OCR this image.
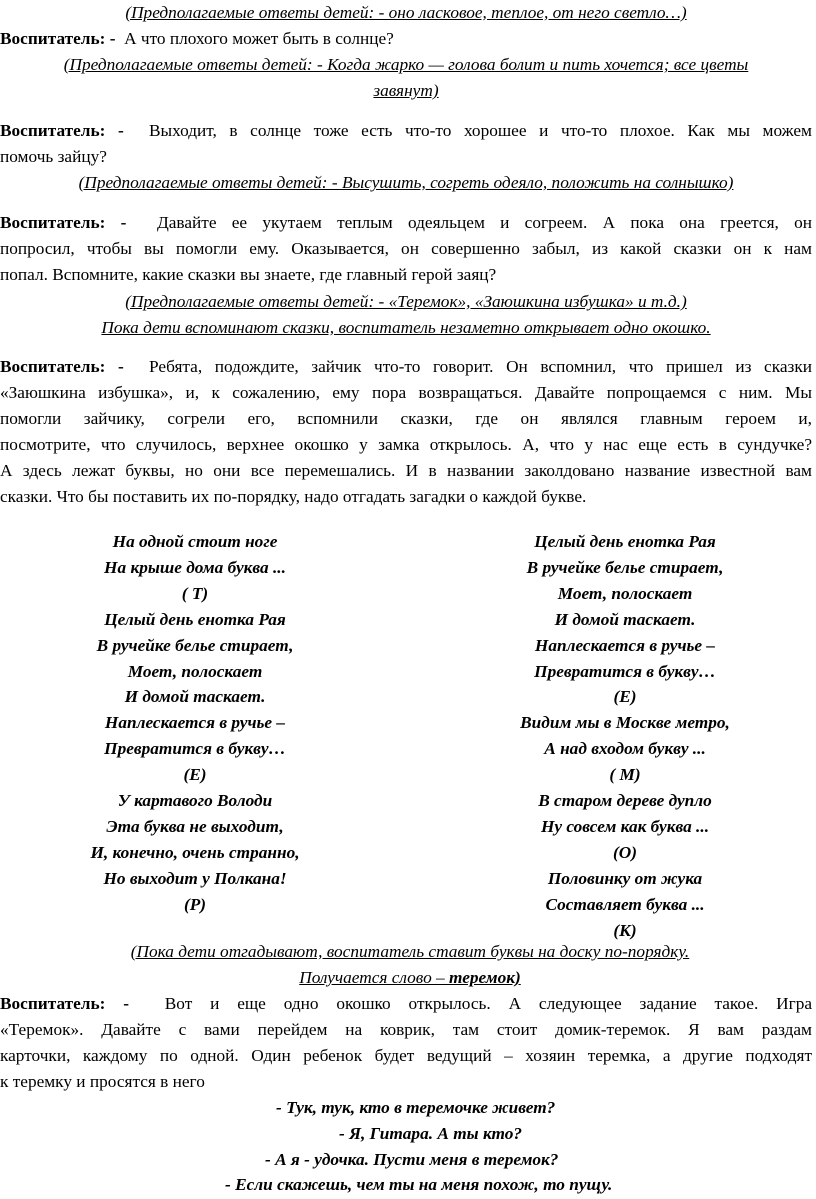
(Предполагаемые ответы детей: - оно ласковое, теплое, от него светло…)
Воспитатель: - А что плохого может быть в солнце?
(Предполагаемые ответы детей: - Когда жарко — голова болит и пить хочется; все цветы
завянут)
Воспитатель: - Выходит, в солнце тоже есть что-то хорошее и что-то плохое. Как мы можем
помочь зайцу?
(Предполагаемые ответы детей: - Высушить, согреть одеяло, положить на солнышко)
Воспитатель: - Давайте ее укутаем теплым одеяльцем и согреем. А пока она греется, он
попросил, чтобы вы помогли ему. Оказывается, он совершенно забыл, из какой сказки он к нам
попал. Вспомните, какие сказки вы знаете, где главный герой заяц?
(Предполагаемые ответы детей: - «Теремок», «Заюшкина избушка» и т.д.)
Пока дети вспоминают сказки, воспитатель незаметно открывает одно окошко.
Воспитатель: - Ребята, подождите, зайчик что-то говорит. Он вспомнил, что пришел из сказки
«Заюшкина избушка», и, к сожалению, ему пора возвращаться. Давайте попрощаемся с ним. Мы
помогли зайчику, согрели его, вспомнили сказки, где он являлся главным героем и,
посмотрите, что случилось, верхнее окошко у замка открылось. А, что у нас еще есть в сундучке?
А здесь лежат буквы, но они все перемешались. И в названии заколдовано название известной вам
сказки. Что бы поставить их по-порядку, надо отгадать загадки о каждой букве.
На одной стоит ноге
На крыше дома буква ...
( Т)
Целый день енотка Рая
В ручейке белье стирает,
Моет, полоскает
И домой таскает.
Наплескается в ручье –
Превратится в букву…
(Е)
У картавого Володи
Эта буква не выходит,
И, конечно, очень странно,
Но выходит у Полкана!
(Р)
Целый день енотка Рая
В ручейке белье стирает,
Моет, полоскает
И домой таскает.
Наплескается в ручье –
Превратится в букву…
(Е)
Видим мы в Москве метро,
А над входом букву ...
( М)
В старом дереве дупло
Ну совсем как буква ...
(О)
Половинку от жука
Составляет буква ...
(К)
(Пока дети отгадывают, воспитатель ставит буквы на доску по-порядку.
Получается слово – теремок)
Воспитатель: - Вот и еще одно окошко открылось. А следующее задание такое. Игра
«Теремок». Давайте с вами перейдем на коврик, там стоит домик-теремок. Я вам раздам
карточки, каждому по одной. Один ребенок будет ведущий – хозяин теремка, а другие подходят
к теремку и просятся в него
- Тук, тук, кто в теремочке живет?
- Я, Гитара. А ты кто?
- А я - удочка. Пусти меня в теремок?
- Если скажешь, чем ты на меня похож, то пущу.
